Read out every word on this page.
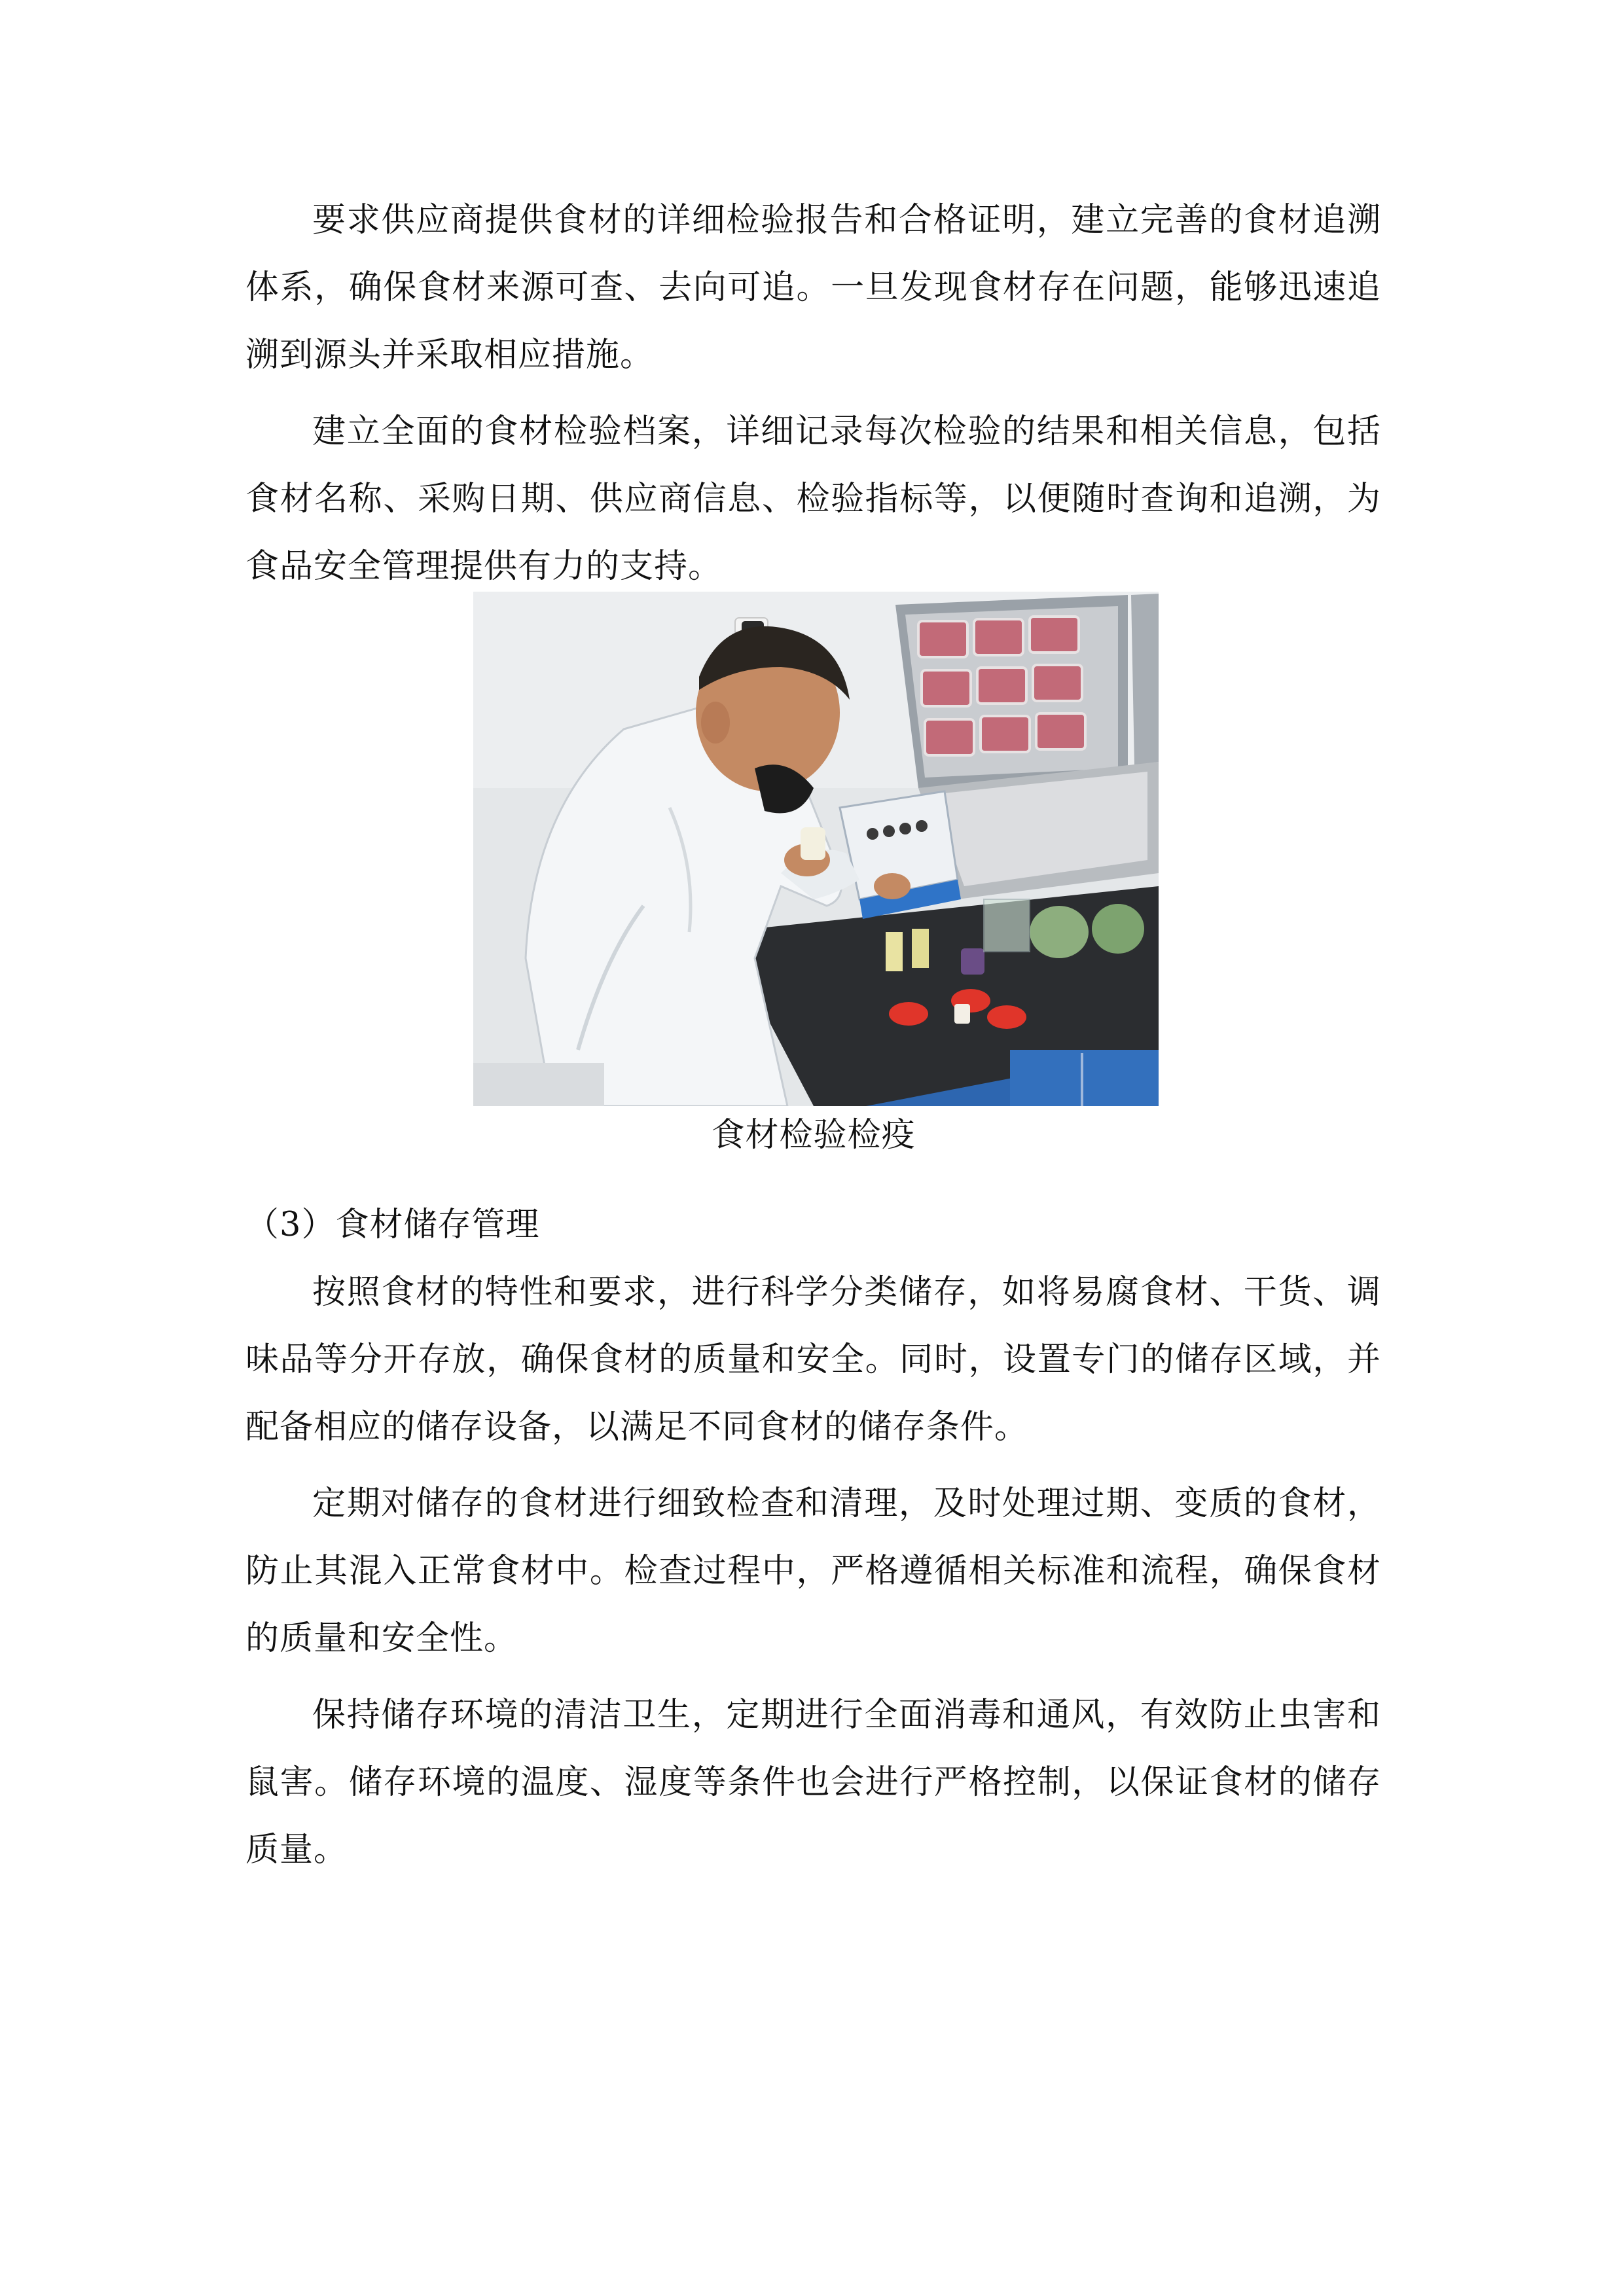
要求供应商提供食材的详细检验报告和合格证明，建立完善的食材追溯体系，确保食材来源可查、去向可追。一旦发现食材存在问题，能够迅速追溯到源头并采取相应措施。

建立全面的食材检验档案，详细记录每次检验的结果和相关信息，包括食材名称、采购日期、供应商信息、检验指标等，以便随时查询和追溯，为食品安全管理提供有力的支持。

食材检验检疫

（3）食材储存管理

按照食材的特性和要求，进行科学分类储存，如将易腐食材、干货、调味品等分开存放，确保食材的质量和安全。同时，设置专门的储存区域，并配备相应的储存设备，以满足不同食材的储存条件。

定期对储存的食材进行细致检查和清理，及时处理过期、变质的食材，防止其混入正常食材中。检查过程中，严格遵循相关标准和流程，确保食材的质量和安全性。

保持储存环境的清洁卫生，定期进行全面消毒和通风，有效防止虫害和鼠害。储存环境的温度、湿度等条件也会进行严格控制，以保证食材的储存质量。
